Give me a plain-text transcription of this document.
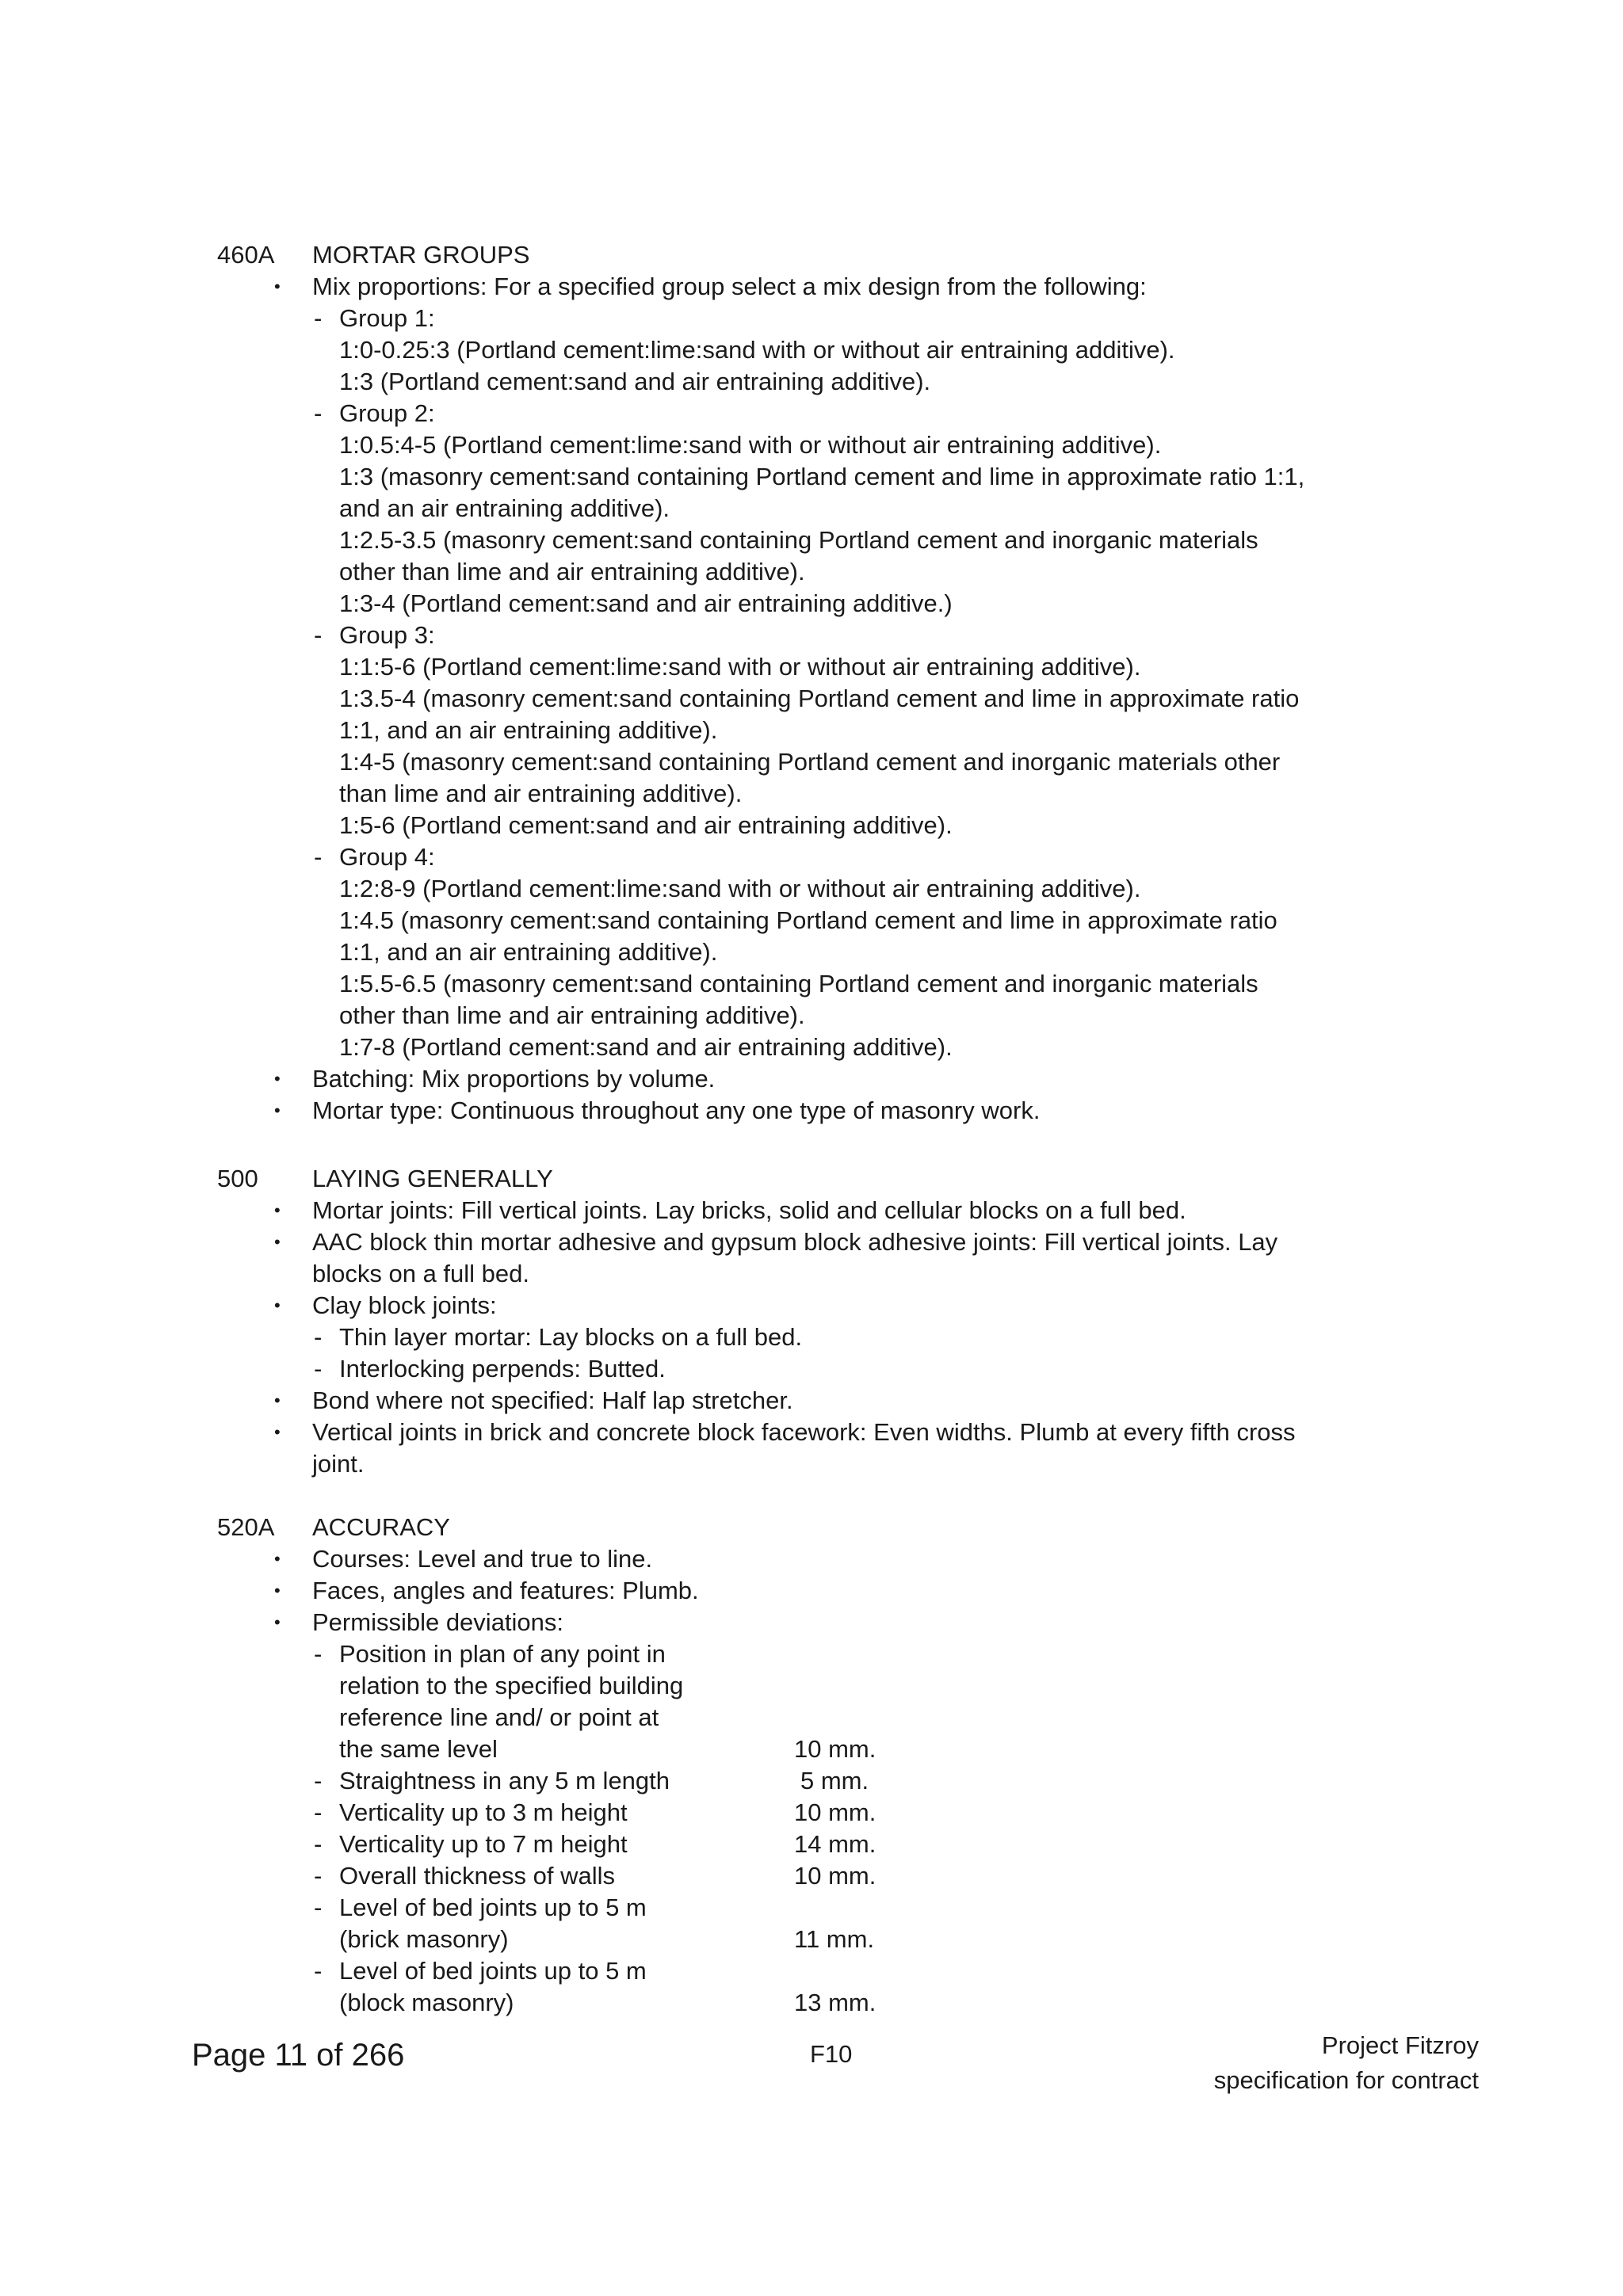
460A MORTAR GROUPS
• Mix proportions: For a specified group select a mix design from the following:
- Group 1:
1:0-0.25:3 (Portland cement:lime:sand with or without air entraining additive).
1:3 (Portland cement:sand and air entraining additive).
- Group 2:
1:0.5:4-5 (Portland cement:lime:sand with or without air entraining additive).
1:3 (masonry cement:sand containing Portland cement and lime in approximate ratio 1:1,
and an air entraining additive).
1:2.5-3.5 (masonry cement:sand containing Portland cement and inorganic materials
other than lime and air entraining additive).
1:3-4 (Portland cement:sand and air entraining additive.)
- Group 3:
1:1:5-6 (Portland cement:lime:sand with or without air entraining additive).
1:3.5-4 (masonry cement:sand containing Portland cement and lime in approximate ratio
1:1, and an air entraining additive).
1:4-5 (masonry cement:sand containing Portland cement and inorganic materials other
than lime and air entraining additive).
1:5-6 (Portland cement:sand and air entraining additive).
- Group 4:
1:2:8-9 (Portland cement:lime:sand with or without air entraining additive).
1:4.5 (masonry cement:sand containing Portland cement and lime in approximate ratio
1:1, and an air entraining additive).
1:5.5-6.5 (masonry cement:sand containing Portland cement and inorganic materials
other than lime and air entraining additive).
1:7-8 (Portland cement:sand and air entraining additive).
• Batching: Mix proportions by volume.
• Mortar type: Continuous throughout any one type of masonry work.
500 LAYING GENERALLY
• Mortar joints: Fill vertical joints. Lay bricks, solid and cellular blocks on a full bed.
• AAC block thin mortar adhesive and gypsum block adhesive joints: Fill vertical joints. Lay
blocks on a full bed.
• Clay block joints:
- Thin layer mortar: Lay blocks on a full bed.
- Interlocking perpends: Butted.
• Bond where not specified: Half lap stretcher.
• Vertical joints in brick and concrete block facework: Even widths. Plumb at every fifth cross
joint.
520A ACCURACY
• Courses: Level and true to line.
• Faces, angles and features: Plumb.
• Permissible deviations:
- Position in plan of any point in
relation to the specified building
reference line and/ or point at
the same level	10 mm.
- Straightness in any 5 m length	5 mm.
- Verticality up to 3 m height	10 mm.
- Verticality up to 7 m height	14 mm.
- Overall thickness of walls	10 mm.
- Level of bed joints up to 5 m
(brick masonry)	11 mm.
- Level of bed joints up to 5 m
(block masonry)	13 mm.
Page 11 of 266	F10	Project Fitzroy
specification for contract
